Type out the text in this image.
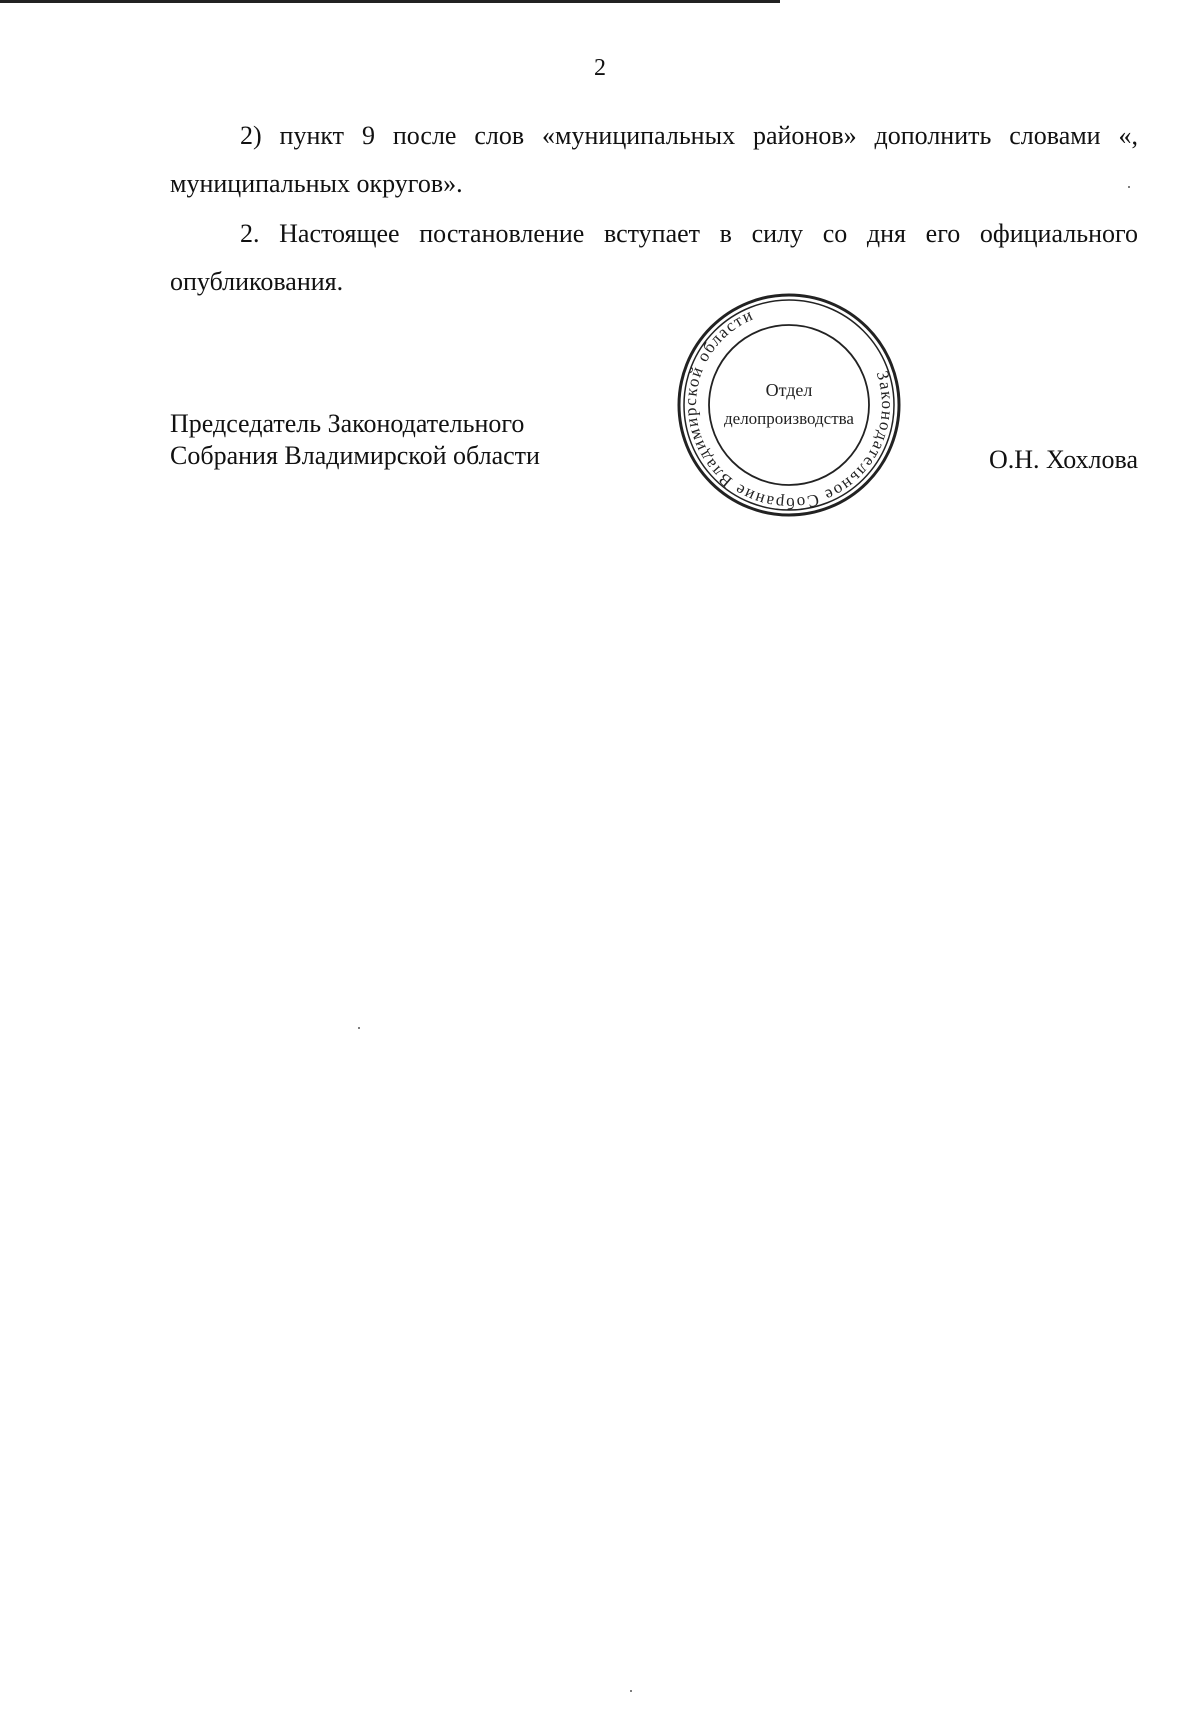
2

2) пункт 9 после слов «муниципальных районов» дополнить словами «, муниципальных округов».

2. Настоящее постановление вступает в силу со дня его официального опубликования.

Председатель Законодательного
Собрания Владимирской области
Законодательное Собрание Владимирской области
Отдел
делопроизводства
О.Н. Хохлова
